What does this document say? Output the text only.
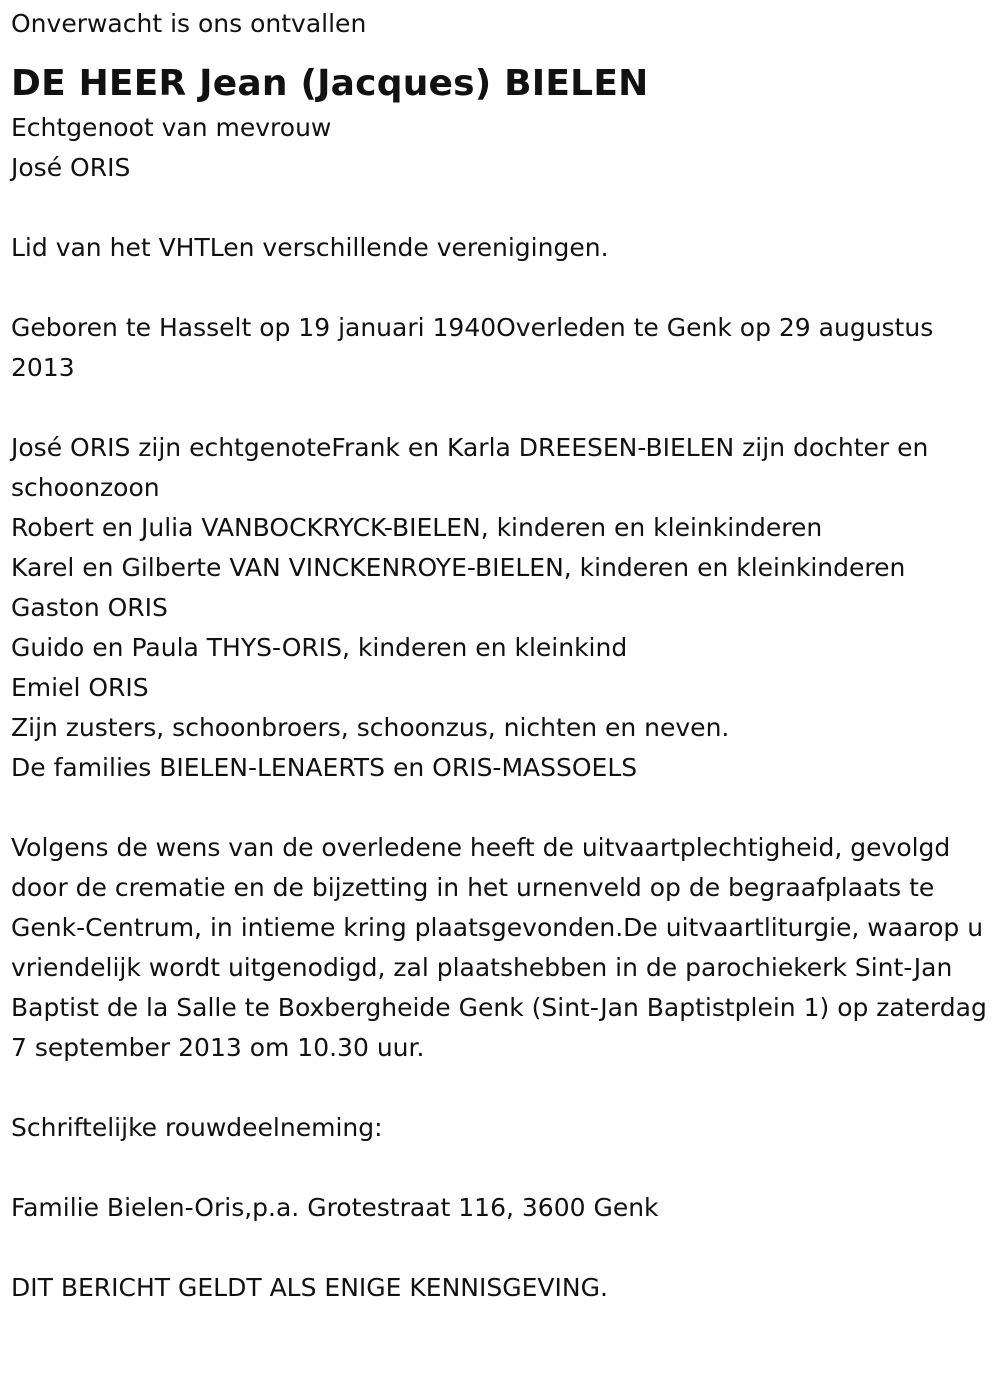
Onverwacht is ons ontvallen

DE HEER Jean (Jacques) BIELEN

Echtgenoot van mevrouw

José ORIS

Lid van het VHTLen verschillende verenigingen.

Geboren te Hasselt op 19 januari 1940Overleden te Genk op 29 augustus 2013

José ORIS zijn echtgenoteFrank en Karla DREESEN-BIELEN zijn dochter en schoonzoon

Robert en Julia VANBOCKRYCK-BIELEN, kinderen en kleinkinderen

Karel en Gilberte VAN VINCKENROYE-BIELEN, kinderen en kleinkinderen

Gaston ORIS

Guido en Paula THYS-ORIS, kinderen en kleinkind

Emiel ORIS

Zijn zusters, schoonbroers, schoonzus, nichten en neven.

De families BIELEN-LENAERTS en ORIS-MASSOELS

Volgens de wens van de overledene heeft de uitvaartplechtigheid, gevolgd door de crematie en de bijzetting in het urnenveld op de begraafplaats te Genk-Centrum, in intieme kring plaatsgevonden.De uitvaartliturgie, waarop u vriendelijk wordt uitgenodigd, zal plaatshebben in de parochiekerk Sint-Jan Baptist de la Salle te Boxbergheide Genk (Sint-Jan Baptistplein 1) op zaterdag 7 september 2013 om 10.30 uur.

Schriftelijke rouwdeelneming:

Familie Bielen-Oris,p.a. Grotestraat 116, 3600 Genk

DIT BERICHT GELDT ALS ENIGE KENNISGEVING.
